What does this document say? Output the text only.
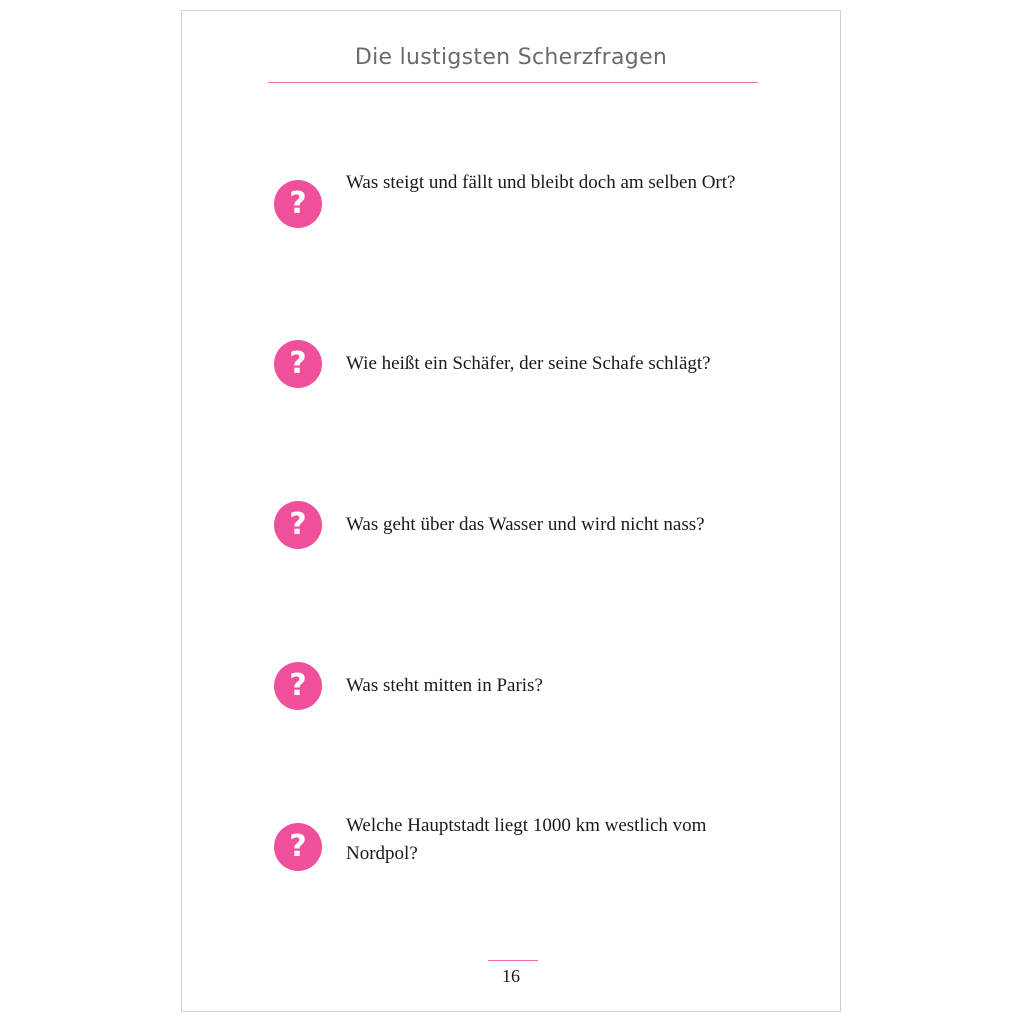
Die lustigsten Scherzfragen
?
Was steigt und fällt und bleibt doch am selben Ort?
?	Wie heißt ein Schäfer, der seine Schafe schlägt?
?	Was geht über das Wasser und wird nicht nass?
?	Was steht mitten in Paris?
?
Welche Hauptstadt liegt 1000 km westlich vom Nordpol?
16
